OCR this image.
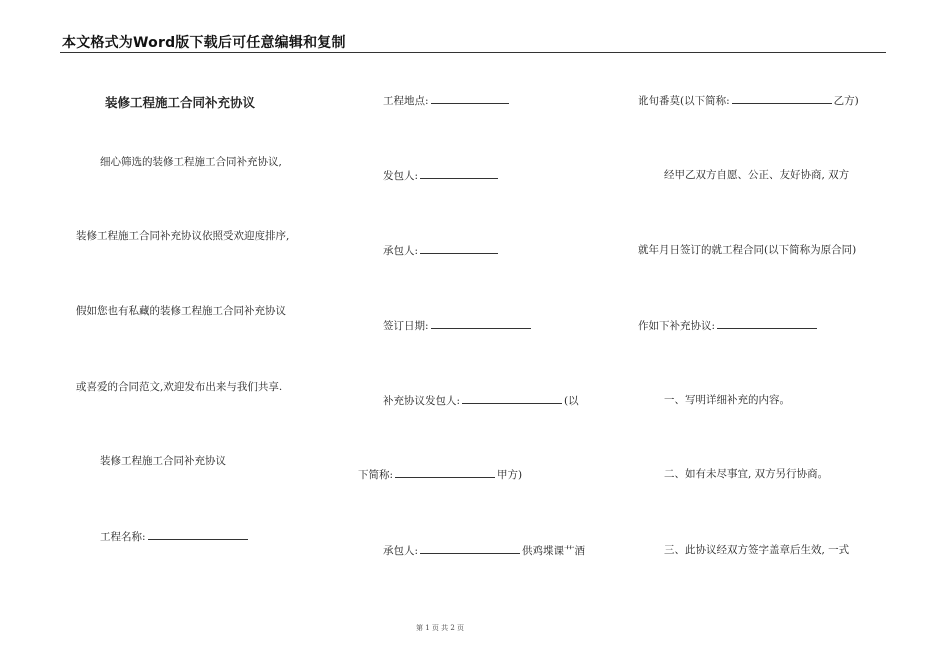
本文格式为Word版下载后可任意编辑和复制
装修工程施工合同补充协议
细心筛选的装修工程施工合同补充协议,
装修工程施工合同补充协议依照受欢迎度排序,
假如您也有私藏的装修工程施工合同补充协议
或喜爱的合同范文,欢迎发布出来与我们共享.
装修工程施工合同补充协议
工程名称:
工程地点:
发包人:
承包人:
签订日期:
补充协议发包人:	(以
下简称:	甲方)
承包人:	供鸡堞课艹酒
讹旬番莫(以下简称:	乙方)
经甲乙双方自愿、公正、友好协商, 双方
就年月日签订的就工程合同(以下简称为原合同)
作如下补充协议:
一、写明详细补充的内容。
二、如有未尽事宜, 双方另行协商。
三、此协议经双方签字盖章后生效, 一式
第 1 页 共 2 页
